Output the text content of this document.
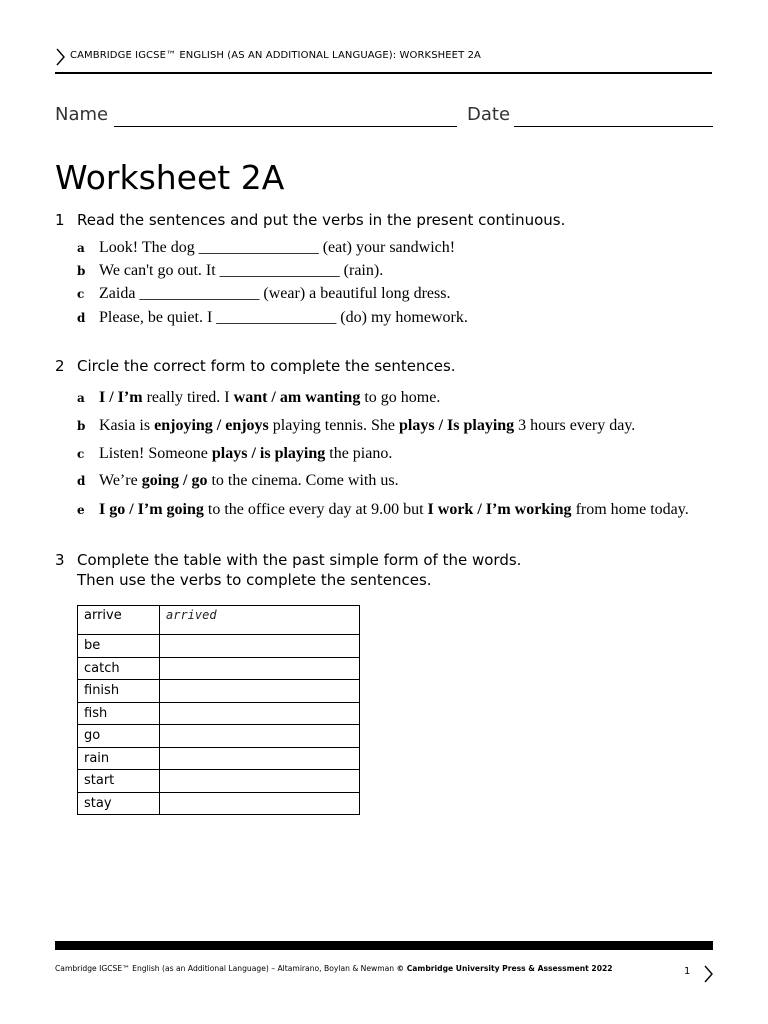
CAMBRIDGE IGCSE™ ENGLISH (AS AN ADDITIONAL LANGUAGE): WORKSHEET 2A
Name	Date
Worksheet 2A
1 Read the sentences and put the verbs in the present continuous.
a Look! The dog _______________ (eat) your sandwich!
b We can't go out. It _______________ (rain).
c Zaida _______________ (wear) a beautiful long dress.
d Please, be quiet. I _______________ (do) my homework.
2 Circle the correct form to complete the sentences.
a I / I’m really tired. I want / am wanting to go home.
b Kasia is enjoying / enjoys playing tennis. She plays / Is playing 3 hours every day.
c Listen! Someone plays / is playing the piano.
d We’re going / go to the cinema. Come with us.
e I go / I’m going to the office every day at 9.00 but I work / I’m working from home today.
3 Complete the table with the past simple form of the words.
Then use the verbs to complete the sentences.
arrive	arrived
be	
catch	
finish	
fish	
go	
rain	
start	
stay	
Cambridge IGCSE™ English (as an Additional Language) – Altamirano, Boylan & Newman © Cambridge University Press & Assessment 2022	1
